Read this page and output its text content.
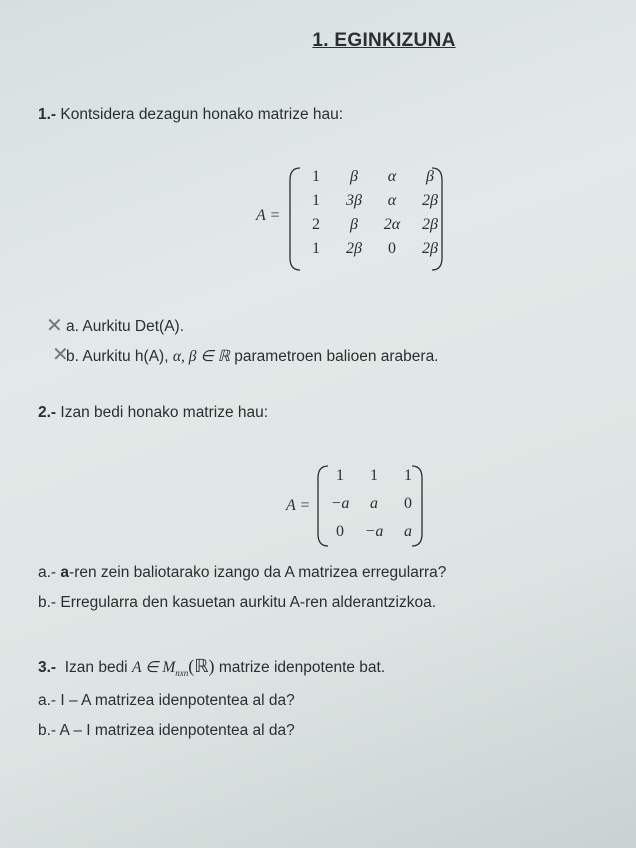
1. EGINKIZUNA
1.- Kontsidera dezagun honako matrize hau:
A =
1	β	α	β
1	3β	α	2β
2	β	2α	2β
1	2β	0	2β
✕ a. Aurkitu Det(A).
✕
b. Aurkitu h(A), α, β ∈ ℝ parametroen balioen arabera.
2.- Izan bedi honako matrize hau:
A =
1	1	1
−a	a	0
0	−a	a
a.- a-ren zein baliotarako izango da A matrizea erregularra?
b.- Erregularra den kasuetan aurkitu A-ren alderantzizkoa.
3.- Izan bedi A ∈ $M_{nxn}(ℝ)$ matrize idenpotente bat.
a.- I – A matrizea idenpotentea al da?
b.- A – I matrizea idenpotentea al da?
